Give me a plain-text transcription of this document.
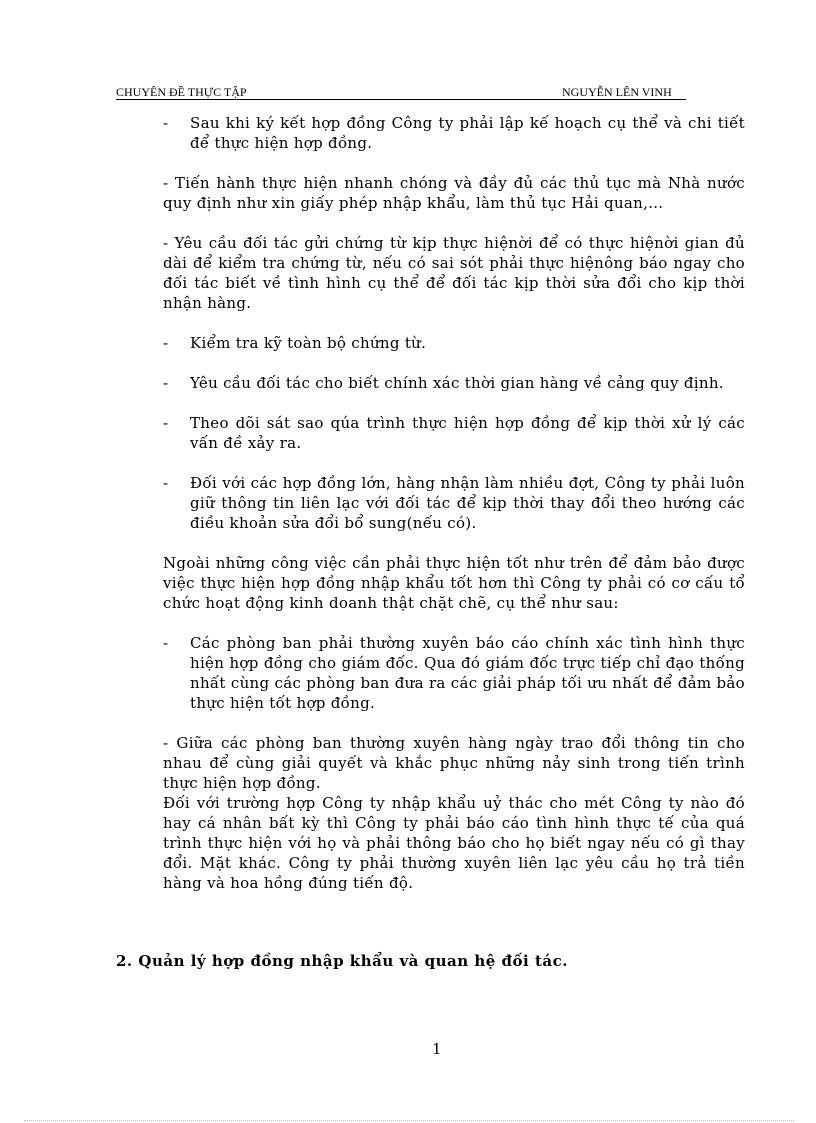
CHUYÊN ĐỀ THỰC TẬP	NGUYỄN LÊN VINH
- Sau khi ký kết hợp đồng Công ty phải lập kế hoạch cụ thể và chi tiết để thực hiện hợp đồng.

- Tiến hành thực hiện nhanh chóng và đầy đủ các thủ tục mà Nhà nước quy định như xin giấy phép nhập khẩu, làm thủ tục Hải quan,...

- Yêu cầu đối tác gửi chứng từ kịp thực hiệnời để có thực hiệnời gian đủ dài để kiểm tra chứng từ, nếu có sai sót phải thực hiệnông báo ngay cho đối tác biết về tình hình cụ thể để đối tác kịp thời sửa đổi cho kịp thời nhận hàng.

- Kiểm tra kỹ toàn bộ chứng từ.
- Yêu cầu đối tác cho biết chính xác thời gian hàng về cảng quy định.
- Theo dõi sát sao qúa trình thực hiện hợp đồng để kịp thời xử lý các vấn đề xảy ra.
- Đối với các hợp đồng lớn, hàng nhận làm nhiều đợt, Công ty phải luôn giữ thông tin liên lạc với đối tác để kịp thời thay đổi theo hướng các điều khoản sửa đổi bổ sung(nếu có).

Ngoài những công việc cần phải thực hiện tốt như trên để đảm bảo được việc thực hiện hợp đồng nhập khẩu tốt hơn thì Công ty phải có cơ cấu tổ chức hoạt động kinh doanh thật chặt chẽ, cụ thể như sau:

- Các phòng ban phải thường xuyên báo cáo chính xác tình hình thực hiện hợp đồng cho giám đốc. Qua đó giám đốc trực tiếp chỉ đạo thống nhất cùng các phòng ban đưa ra các giải pháp tối ưu nhất để đảm bảo thực hiện tốt hợp đồng.

- Giữa các phòng ban thường xuyên hàng ngày trao đổi thông tin cho nhau để cùng giải quyết và khắc phục những nảy sinh trong tiến trình thực hiện hợp đồng.

Đối với trường hợp Công ty nhập khẩu uỷ thác cho mét Công ty nào đó hay cá nhân bất kỳ thì Công ty phải báo cáo tình hình thực tế của quá trình thực hiện với họ và phải thông báo cho họ biết ngay nếu có gì thay đổi. Mặt khác. Công ty phải thường xuyên liên lạc yêu cầu họ trả tiền hàng và hoa hồng đúng tiến độ.

2. Quản lý hợp đồng nhập khẩu và quan hệ đối tác.
1
